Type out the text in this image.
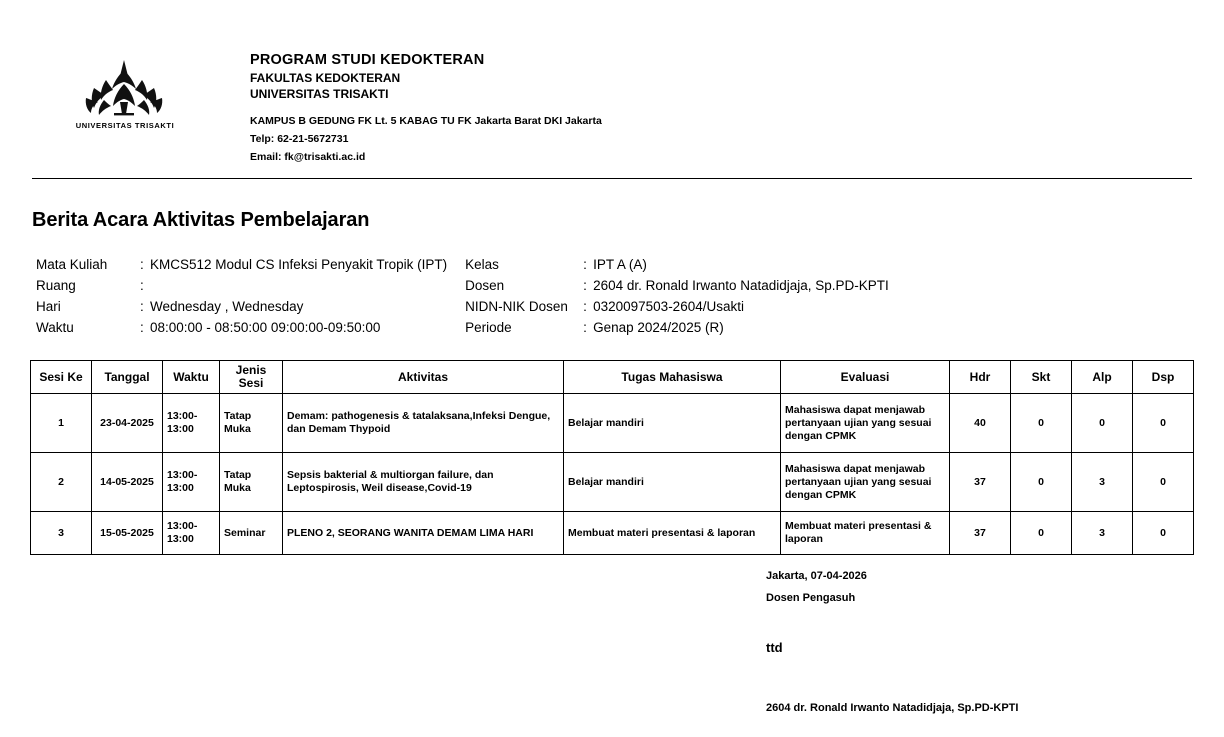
UNIVERSITAS TRISAKTI
PROGRAM STUDI KEDOKTERAN
FAKULTAS KEDOKTERAN
UNIVERSITAS TRISAKTI
KAMPUS B GEDUNG FK Lt. 5 KABAG TU FK Jakarta Barat DKI Jakarta
Telp: 62-21-5672731
Email: fk@trisakti.ac.id
Berita Acara Aktivitas Pembelajaran
Mata Kuliah	:	KMCS512 Modul CS Infeksi Penyakit Tropik (IPT)	Kelas	:	IPT A (A)
Ruang	:		Dosen	:	2604 dr. Ronald Irwanto Natadidjaja, Sp.PD-KPTI
Hari	:	Wednesday , Wednesday	NIDN-NIK Dosen	:	0320097503-2604/Usakti
Waktu	:	08:00:00 - 08:50:00 09:00:00-09:50:00	Periode	:	Genap 2024/2025 (R)
Sesi Ke	Tanggal	Waktu	Jenis Sesi	Aktivitas	Tugas Mahasiswa	Evaluasi	Hdr	Skt	Alp	Dsp
1	23-04-2025	13:00-13:00	Tatap Muka	Demam: pathogenesis & tatalaksana,Infeksi Dengue, dan Demam Thypoid	Belajar mandiri	Mahasiswa dapat menjawab pertanyaan ujian yang sesuai dengan CPMK	40	0	0	0
2	14-05-2025	13:00-13:00	Tatap Muka	Sepsis bakterial & multiorgan failure, dan Leptospirosis, Weil disease,Covid-19	Belajar mandiri	Mahasiswa dapat menjawab pertanyaan ujian yang sesuai dengan CPMK	37	0	3	0
3	15-05-2025	13:00-13:00	Seminar	PLENO 2, SEORANG WANITA DEMAM LIMA HARI	Membuat materi presentasi & laporan	Membuat materi presentasi & laporan	37	0	3	0
Jakarta, 07-04-2026
Dosen Pengasuh
ttd
2604 dr. Ronald Irwanto Natadidjaja, Sp.PD-KPTI
